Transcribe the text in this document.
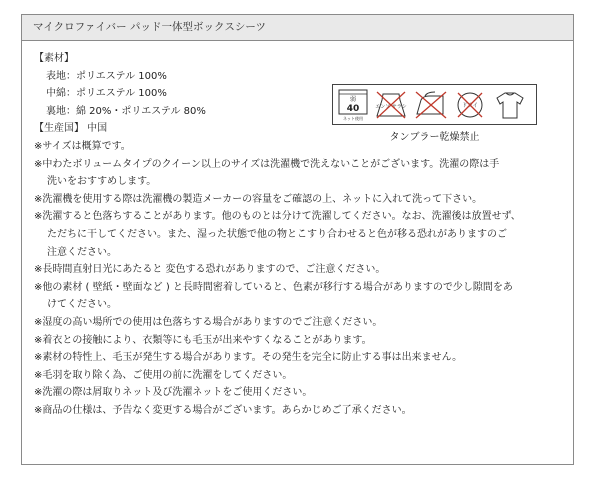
マイクロファイバー パッド一体型ボックスシーツ
【素材】
表地：ポリエステル 100%
中綿：ポリエステル 100%
裏地：綿 20%・ポリエステル 80%
【生産国】 中国
※サイズは概算です。
※中わたボリュームタイプのクイーン以上のサイズは洗濯機で洗えないことがございます。洗濯の際は手
洗いをおすすめします。
※洗濯機を使用する際は洗濯機の製造メーカーの容量をご確認の上、ネットに入れて洗って下さい。
※洗濯すると色落ちすることがあります。他のものとは分けて洗濯してください。なお、洗濯後は放置せず、
ただちに干してください。また、湿った状態で他の物とこすり合わせると色が移る恐れがありますのご
注意ください。
※長時間直射日光にあたると 変色する恐れがありますので、ご注意ください。
※他の素材 ( 壁紙・壁面など ) と長時間密着していると、色素が移行する場合がありますので少し隙間をあ
けてください。
※湿度の高い場所での使用は色落ちする場合がありますのでご注意ください。
※着衣との接触により、衣類等にも毛玉が出来やすくなることがあります。
※素材の特性上、毛玉が発生する場合があります。その発生を完全に防止する事は出来ません。
※毛羽を取り除く為、ご使用の前に洗濯をしてください。
※洗濯の際は屑取りネット及び洗濯ネットをご使用ください。
※商品の仕様は、予告なく変更する場合がございます。あらかじめご了承ください。
弱
40
ネット使用
エンソ サラシ	ドライ
タンブラー乾燥禁止
